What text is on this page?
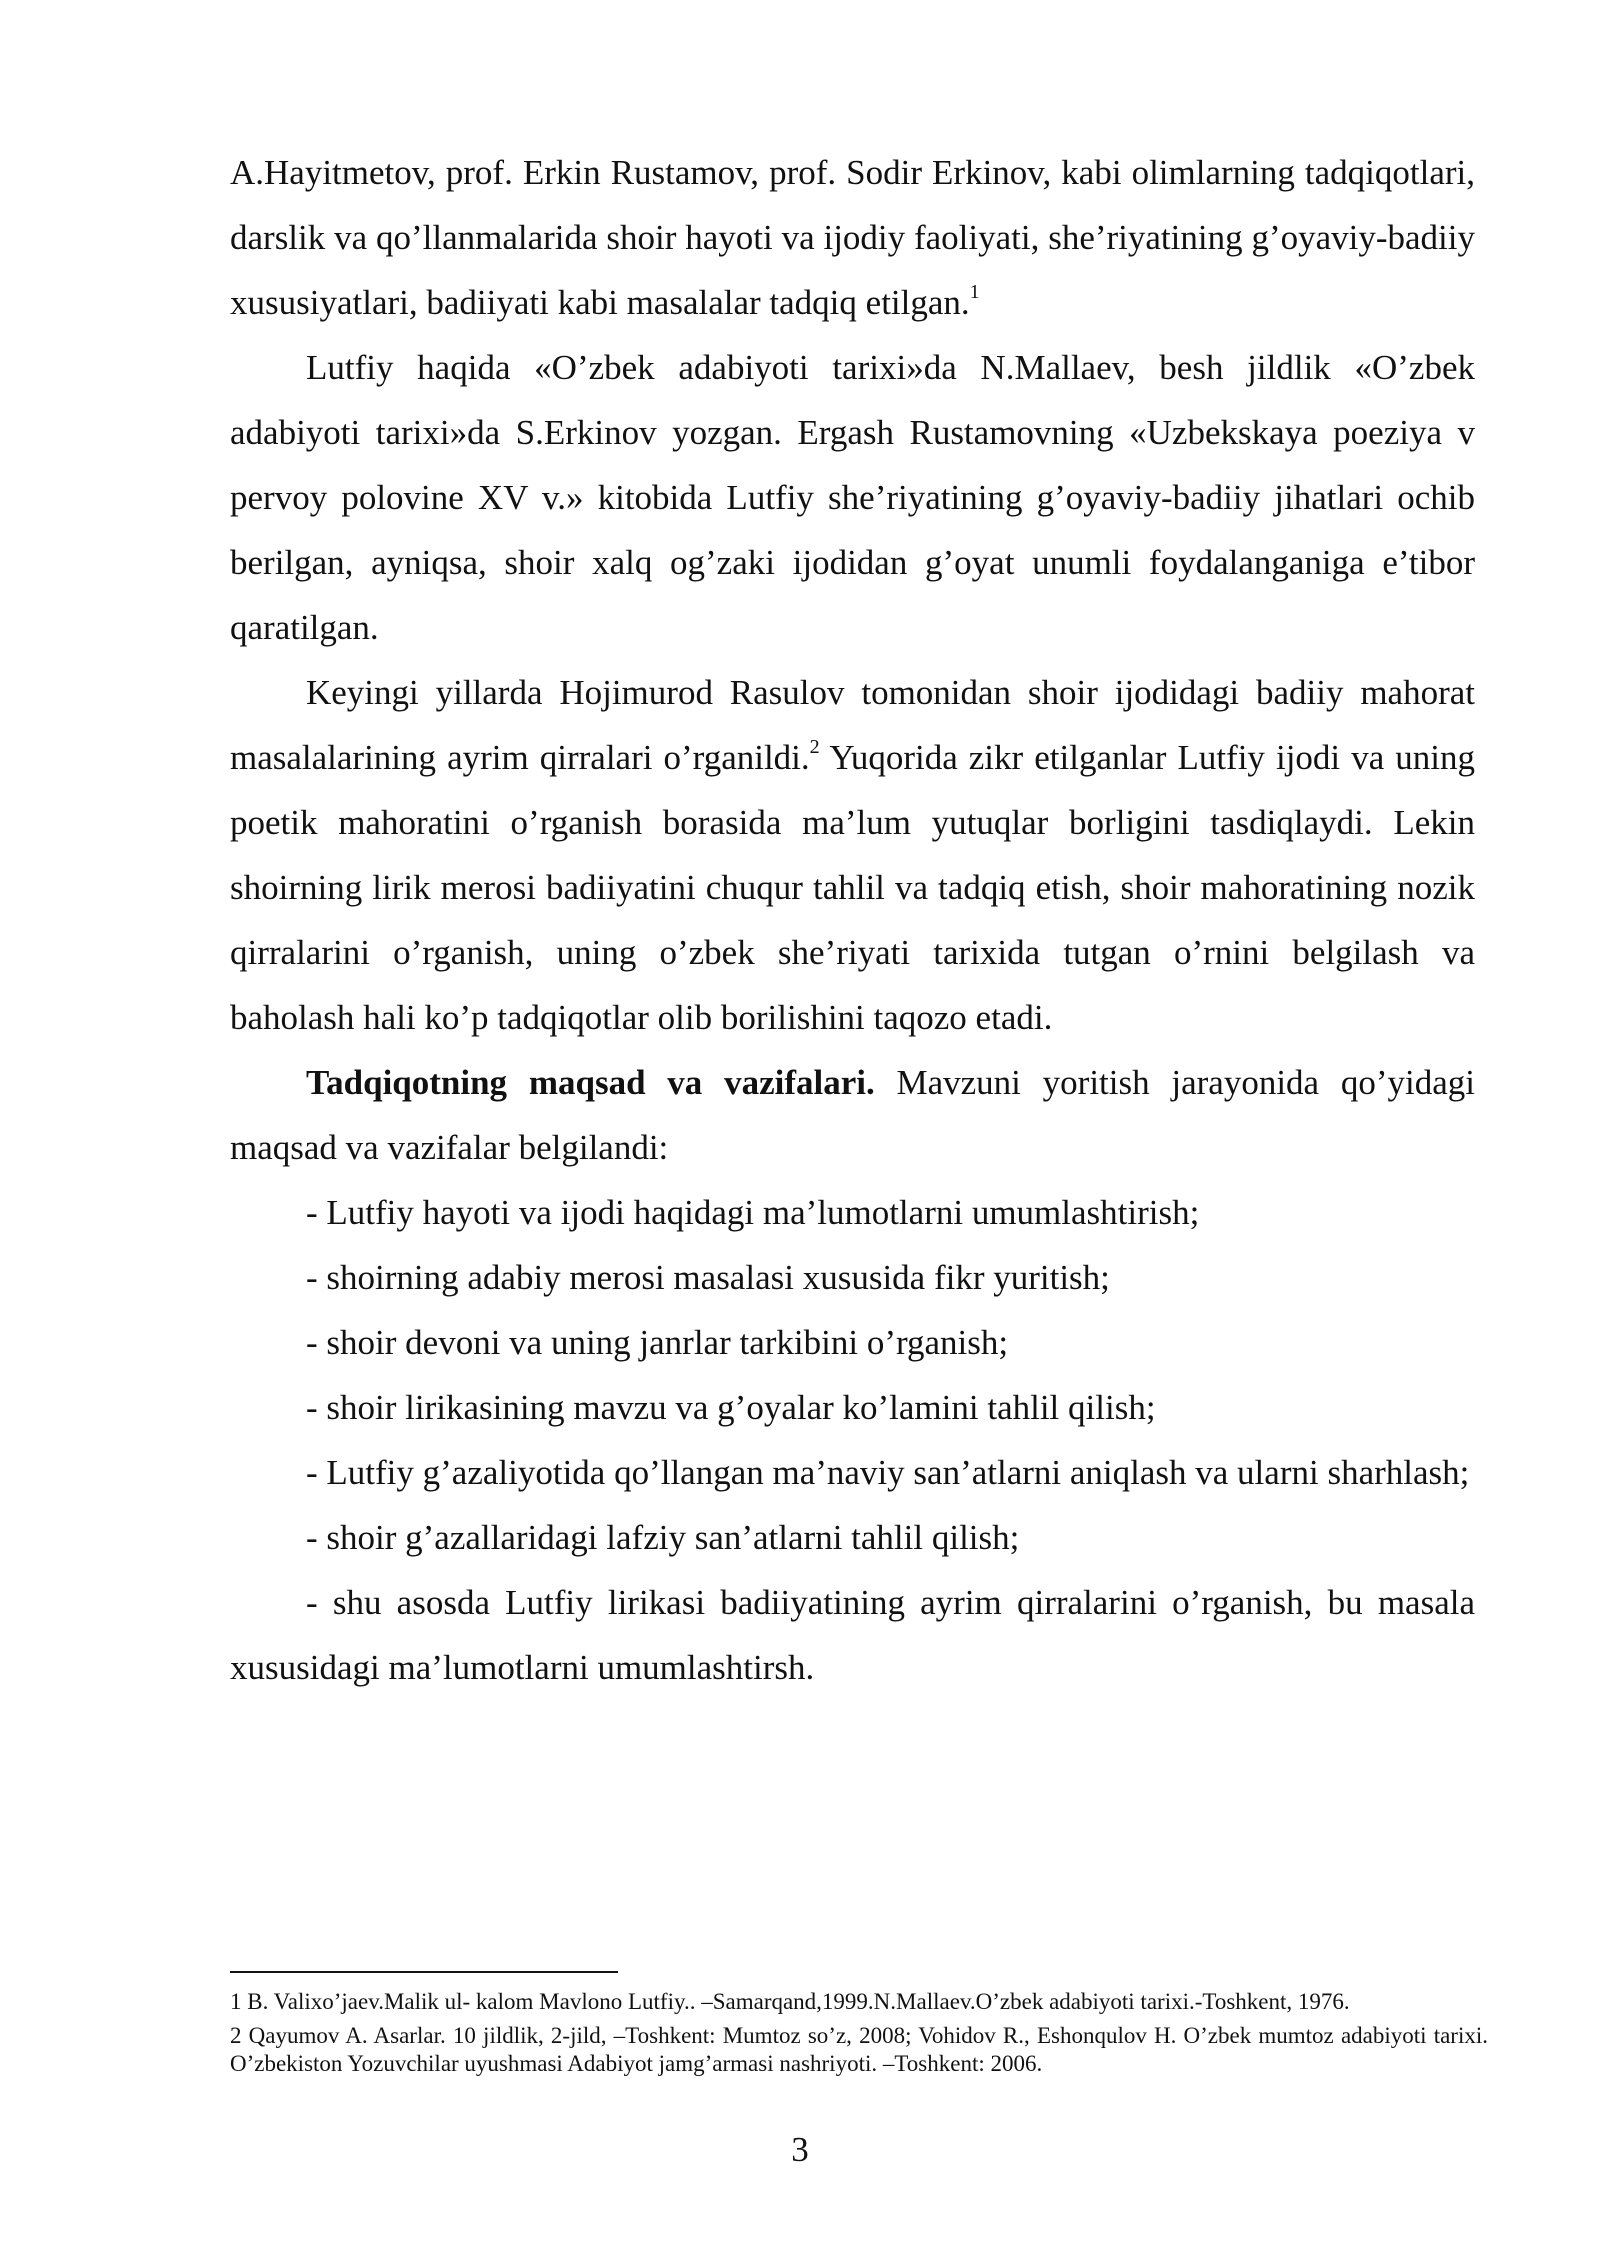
A.Hayitmetov, prof. Erkin Rustamov, prof. Sodir Erkinov, kabi olimlarning tadqiqotlari, darslik va qo’llanmalarida shoir hayoti va ijodiy faoliyati, she’riyatining g’oyaviy-badiiy xususiyatlari, badiiyati kabi masalalar tadqiq etilgan.$^1$

Lutfiy haqida «O’zbek adabiyoti tarixi»da N.Mallaev, besh jildlik «O’zbek adabiyoti tarixi»da S.Erkinov yozgan. Ergash Rustamovning «Uzbekskaya poeziya v pervoy polovine XV v.» kitobida Lutfiy she’riyatining g’oyaviy-badiiy jihatlari ochib berilgan, ayniqsa, shoir xalq og’zaki ijodidan g’oyat unumli foydalanganiga e’tibor qaratilgan.

Keyingi yillarda Hojimurod Rasulov tomonidan shoir ijodidagi badiiy mahorat masalalarining ayrim qirralari o’rganildi.$^2$ Yuqorida zikr etilganlar Lutfiy ijodi va uning poetik mahoratini o’rganish borasida ma’lum yutuqlar borligini tasdiqlaydi. Lekin shoirning lirik merosi badiiyatini chuqur tahlil va tadqiq etish, shoir mahoratining nozik qirralarini o’rganish, uning o’zbek she’riyati tarixida tutgan o’rnini belgilash va baholash hali ko’p tadqiqotlar olib borilishini taqozo etadi.

Tadqiqotning maqsad va vazifalari. Mavzuni yoritish jarayonida qo’yidagi maqsad va vazifalar belgilandi:

- Lutfiy hayoti va ijodi haqidagi ma’lumotlarni umumlashtirish;

- shoirning adabiy merosi masalasi xususida fikr yuritish;

- shoir devoni va uning janrlar tarkibini o’rganish;

- shoir lirikasining mavzu va g’oyalar ko’lamini tahlil qilish;

- Lutfiy g’azaliyotida qo’llangan ma’naviy san’atlarni aniqlash va ularni sharhlash;

- shoir g’azallaridagi lafziy san’atlarni tahlil qilish;

- shu asosda Lutfiy lirikasi badiiyatining ayrim qirralarini o’rganish, bu masala xususidagi ma’lumotlarni umumlashtirsh.

1 B. Valixo’jaev.Malik ul- kalom Mavlono Lutfiy.. –Samarqand,1999.N.Mallaev.O’zbek adabiyoti tarixi.-Toshkent, 1976.

2 Qayumov A. Asarlar. 10 jildlik, 2-jild, –Toshkent: Mumtoz so’z, 2008; Vohidov R., Eshonqulov H. O’zbek mumtoz adabiyoti tarixi. O’zbekiston Yozuvchilar uyushmasi Adabiyot jamg’armasi nashriyoti. –Toshkent: 2006.

3
